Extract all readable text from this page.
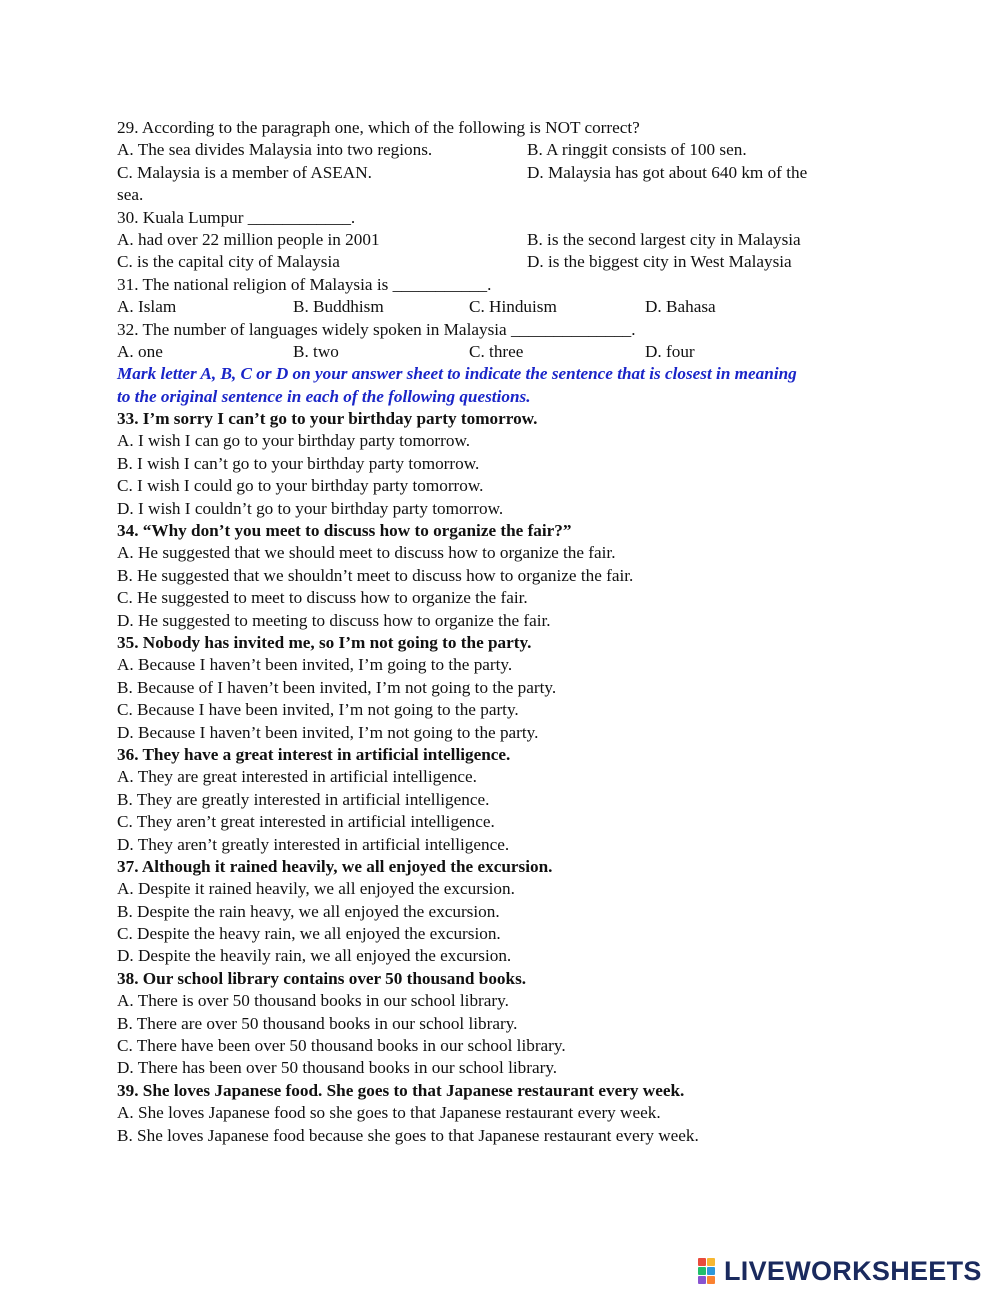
29. According to the paragraph one, which of the following is NOT correct?
A. The sea divides Malaysia into two regions.	B. A ringgit consists of 100 sen.
C. Malaysia is a member of ASEAN.	D. Malaysia has got about 640 km of the
sea.
30. Kuala Lumpur ____________.
A. had over 22 million people in 2001	B. is the second largest city in Malaysia
C. is the capital city of Malaysia	D. is the biggest city in West Malaysia
31. The national religion of Malaysia is ___________.
A. Islam	B. Buddhism	C. Hinduism	D. Bahasa
32. The number of languages widely spoken in Malaysia ______________.
A. one	B. two	C. three	D. four
Mark letter A, B, C or D on your answer sheet to indicate the sentence that is closest in meaning
to the original sentence in each of the following questions.
33. I’m sorry I can’t go to your birthday party tomorrow.
A. I wish I can go to your birthday party tomorrow.
B. I wish I can’t go to your birthday party tomorrow.
C. I wish I could go to your birthday party tomorrow.
D. I wish I couldn’t go to your birthday party tomorrow.
34. “Why don’t you meet to discuss how to organize the fair?”
A. He suggested that we should meet to discuss how to organize the fair.
B. He suggested that we shouldn’t meet to discuss how to organize the fair.
C. He suggested to meet to discuss how to organize the fair.
D. He suggested to meeting to discuss how to organize the fair.
35. Nobody has invited me, so I’m not going to the party.
A. Because I haven’t been invited, I’m going to the party.
B. Because of I haven’t been invited, I’m not going to the party.
C. Because I have been invited, I’m not going to the party.
D. Because I haven’t been invited, I’m not going to the party.
36. They have a great interest in artificial intelligence.
A. They are great interested in artificial intelligence.
B. They are greatly interested in artificial intelligence.
C. They aren’t great interested in artificial intelligence.
D. They aren’t greatly interested in artificial intelligence.
37. Although it rained heavily, we all enjoyed the excursion.
A. Despite it rained heavily, we all enjoyed the excursion.
B. Despite the rain heavy, we all enjoyed the excursion.
C. Despite the heavy rain, we all enjoyed the excursion.
D. Despite the heavily rain, we all enjoyed the excursion.
38. Our school library contains over 50 thousand books.
A. There is over 50 thousand books in our school library.
B. There are over 50 thousand books in our school library.
C. There have been over 50 thousand books in our school library.
D. There has been over 50 thousand books in our school library.
39. She loves Japanese food. She goes to that Japanese restaurant every week.
A. She loves Japanese food so she goes to that Japanese restaurant every week.
B. She loves Japanese food because she goes to that Japanese restaurant every week.
LIVEWORKSHEETS
